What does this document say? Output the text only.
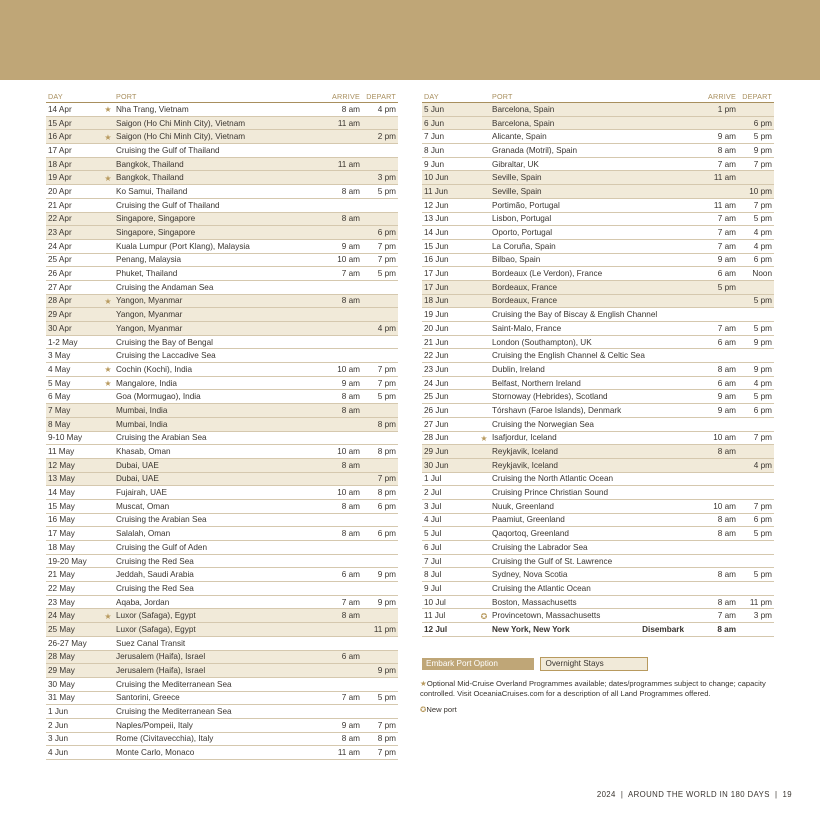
DAY		PORT	ARRIVE	DEPART
14 Apr	★	Nha Trang, Vietnam	8 am	4 pm
15 Apr		Saigon (Ho Chi Minh City), Vietnam	11 am	
16 Apr	★	Saigon (Ho Chi Minh City), Vietnam		2 pm
17 Apr		Cruising the Gulf of Thailand		
18 Apr		Bangkok, Thailand	11 am	
19 Apr	★	Bangkok, Thailand		3 pm
20 Apr		Ko Samui, Thailand	8 am	5 pm
21 Apr		Cruising the Gulf of Thailand		
22 Apr		Singapore, Singapore	8 am	
23 Apr		Singapore, Singapore		6 pm
24 Apr		Kuala Lumpur (Port Klang), Malaysia	9 am	7 pm
25 Apr		Penang, Malaysia	10 am	7 pm
26 Apr		Phuket, Thailand	7 am	5 pm
27 Apr		Cruising the Andaman Sea		
28 Apr	★	Yangon, Myanmar	8 am	
29 Apr		Yangon, Myanmar		
30 Apr		Yangon, Myanmar		4 pm
1-2 May		Cruising the Bay of Bengal		
3 May		Cruising the Laccadive Sea		
4 May	★	Cochin (Kochi), India	10 am	7 pm
5 May	★	Mangalore, India	9 am	7 pm
6 May		Goa (Mormugao), India	8 am	5 pm
7 May		Mumbai, India	8 am	
8 May		Mumbai, India		8 pm
9-10 May		Cruising the Arabian Sea		
11 May		Khasab, Oman	10 am	8 pm
12 May		Dubai, UAE	8 am	
13 May		Dubai, UAE		7 pm
14 May		Fujairah, UAE	10 am	8 pm
15 May		Muscat, Oman	8 am	6 pm
16 May		Cruising the Arabian Sea		
17 May		Salalah, Oman	8 am	6 pm
18 May		Cruising the Gulf of Aden		
19-20 May		Cruising the Red Sea		
21 May		Jeddah, Saudi Arabia	6 am	9 pm
22 May		Cruising the Red Sea		
23 May		Aqaba, Jordan	7 am	9 pm
24 May	★	Luxor (Safaga), Egypt	8 am	
25 May		Luxor (Safaga), Egypt		11 pm
26-27 May		Suez Canal Transit		
28 May		Jerusalem (Haifa), Israel	6 am	
29 May		Jerusalem (Haifa), Israel		9 pm
30 May		Cruising the Mediterranean Sea		
31 May		Santorini, Greece	7 am	5 pm
1 Jun		Cruising the Mediterranean Sea		
2 Jun		Naples/Pompeii, Italy	9 am	7 pm
3 Jun		Rome (Civitavecchia), Italy	8 am	8 pm
4 Jun		Monte Carlo, Monaco	11 am	7 pm
DAY		PORT	ARRIVE	DEPART
5 Jun		Barcelona, Spain	1 pm	
6 Jun		Barcelona, Spain		6 pm
7 Jun		Alicante, Spain	9 am	5 pm
8 Jun		Granada (Motril), Spain	8 am	9 pm
9 Jun		Gibraltar, UK	7 am	7 pm
10 Jun		Seville, Spain	11 am	
11 Jun		Seville, Spain		10 pm
12 Jun		Portimão, Portugal	11 am	7 pm
13 Jun		Lisbon, Portugal	7 am	5 pm
14 Jun		Oporto, Portugal	7 am	4 pm
15 Jun		La Coruña, Spain	7 am	4 pm
16 Jun		Bilbao, Spain	9 am	6 pm
17 Jun		Bordeaux (Le Verdon), France	6 am	Noon
17 Jun		Bordeaux, France	5 pm	
18 Jun		Bordeaux, France		5 pm
19 Jun		Cruising the Bay of Biscay & English Channel		
20 Jun		Saint-Malo, France	7 am	5 pm
21 Jun		London (Southampton), UK	6 am	9 pm
22 Jun		Cruising the English Channel & Celtic Sea		
23 Jun		Dublin, Ireland	8 am	9 pm
24 Jun		Belfast, Northern Ireland	6 am	4 pm
25 Jun		Stornoway (Hebrides), Scotland	9 am	5 pm
26 Jun		Tórshavn (Faroe Islands), Denmark	9 am	6 pm
27 Jun		Cruising the Norwegian Sea		
28 Jun	★	Isafjordur, Iceland	10 am	7 pm
29 Jun		Reykjavik, Iceland	8 am	
30 Jun		Reykjavik, Iceland		4 pm
1 Jul		Cruising the North Atlantic Ocean		
2 Jul		Cruising Prince Christian Sound		
3 Jul		Nuuk, Greenland	10 am	7 pm
4 Jul		Paamiut, Greenland	8 am	6 pm
5 Jul		Qaqortoq, Greenland	8 am	5 pm
6 Jul		Cruising the Labrador Sea		
7 Jul		Cruising the Gulf of St. Lawrence		
8 Jul		Sydney, Nova Scotia	8 am	5 pm
9 Jul		Cruising the Atlantic Ocean		
10 Jul		Boston, Massachusetts	8 am	11 pm
11 Jul	✪	Provincetown, Massachusetts	7 am	3 pm
12 Jul		New York, New York Disembark	8 am	
Embark Port Option	Overnight Stays
★Optional Mid-Cruise Overland Programmes available; dates/programmes subject to change; capacity controlled. Visit OceaniaCruises.com for a description of all Land Programmes offered.
✪New port
2024  |  AROUND THE WORLD IN 180 DAYS  |  19
